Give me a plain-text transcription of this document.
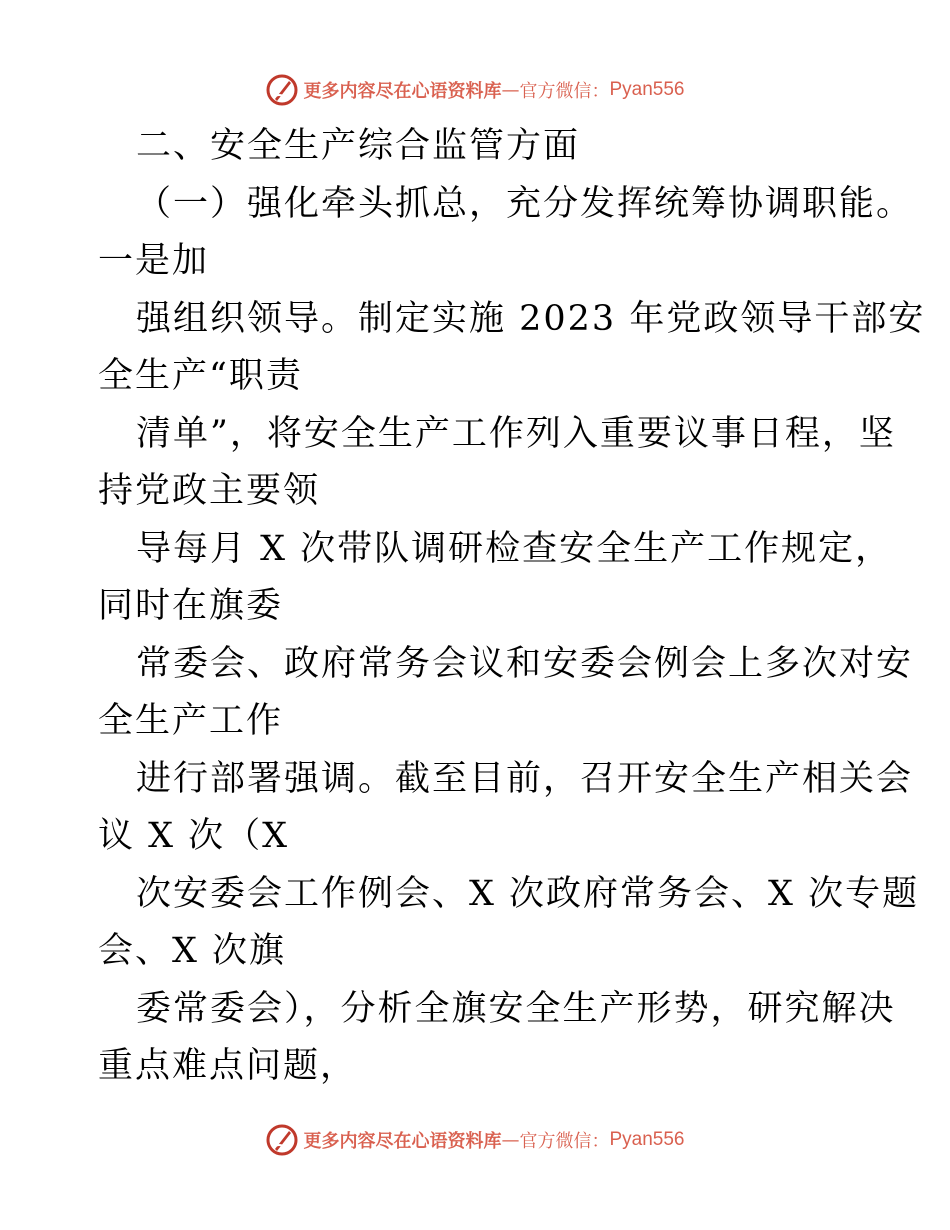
更多内容尽在心语资料库 — 官方微信： Pyan556
二、安全生产综合监管方面
（一）强化牵头抓总，充分发挥统筹协调职能。
一是加
强组织领导。制定实施 2023 年党政领导干部安
全生产“职责
清单”，将安全生产工作列入重要议事日程，坚
持党政主要领
导每月 X 次带队调研检查安全生产工作规定，
同时在旗委
常委会、政府常务会议和安委会例会上多次对安
全生产工作
进行部署强调。截至目前，召开安全生产相关会
议 X 次（X
次安委会工作例会、X 次政府常务会、X 次专题
会、X 次旗
委常委会），分析全旗安全生产形势，研究解决
重点难点问题，
更多内容尽在心语资料库 — 官方微信： Pyan556
